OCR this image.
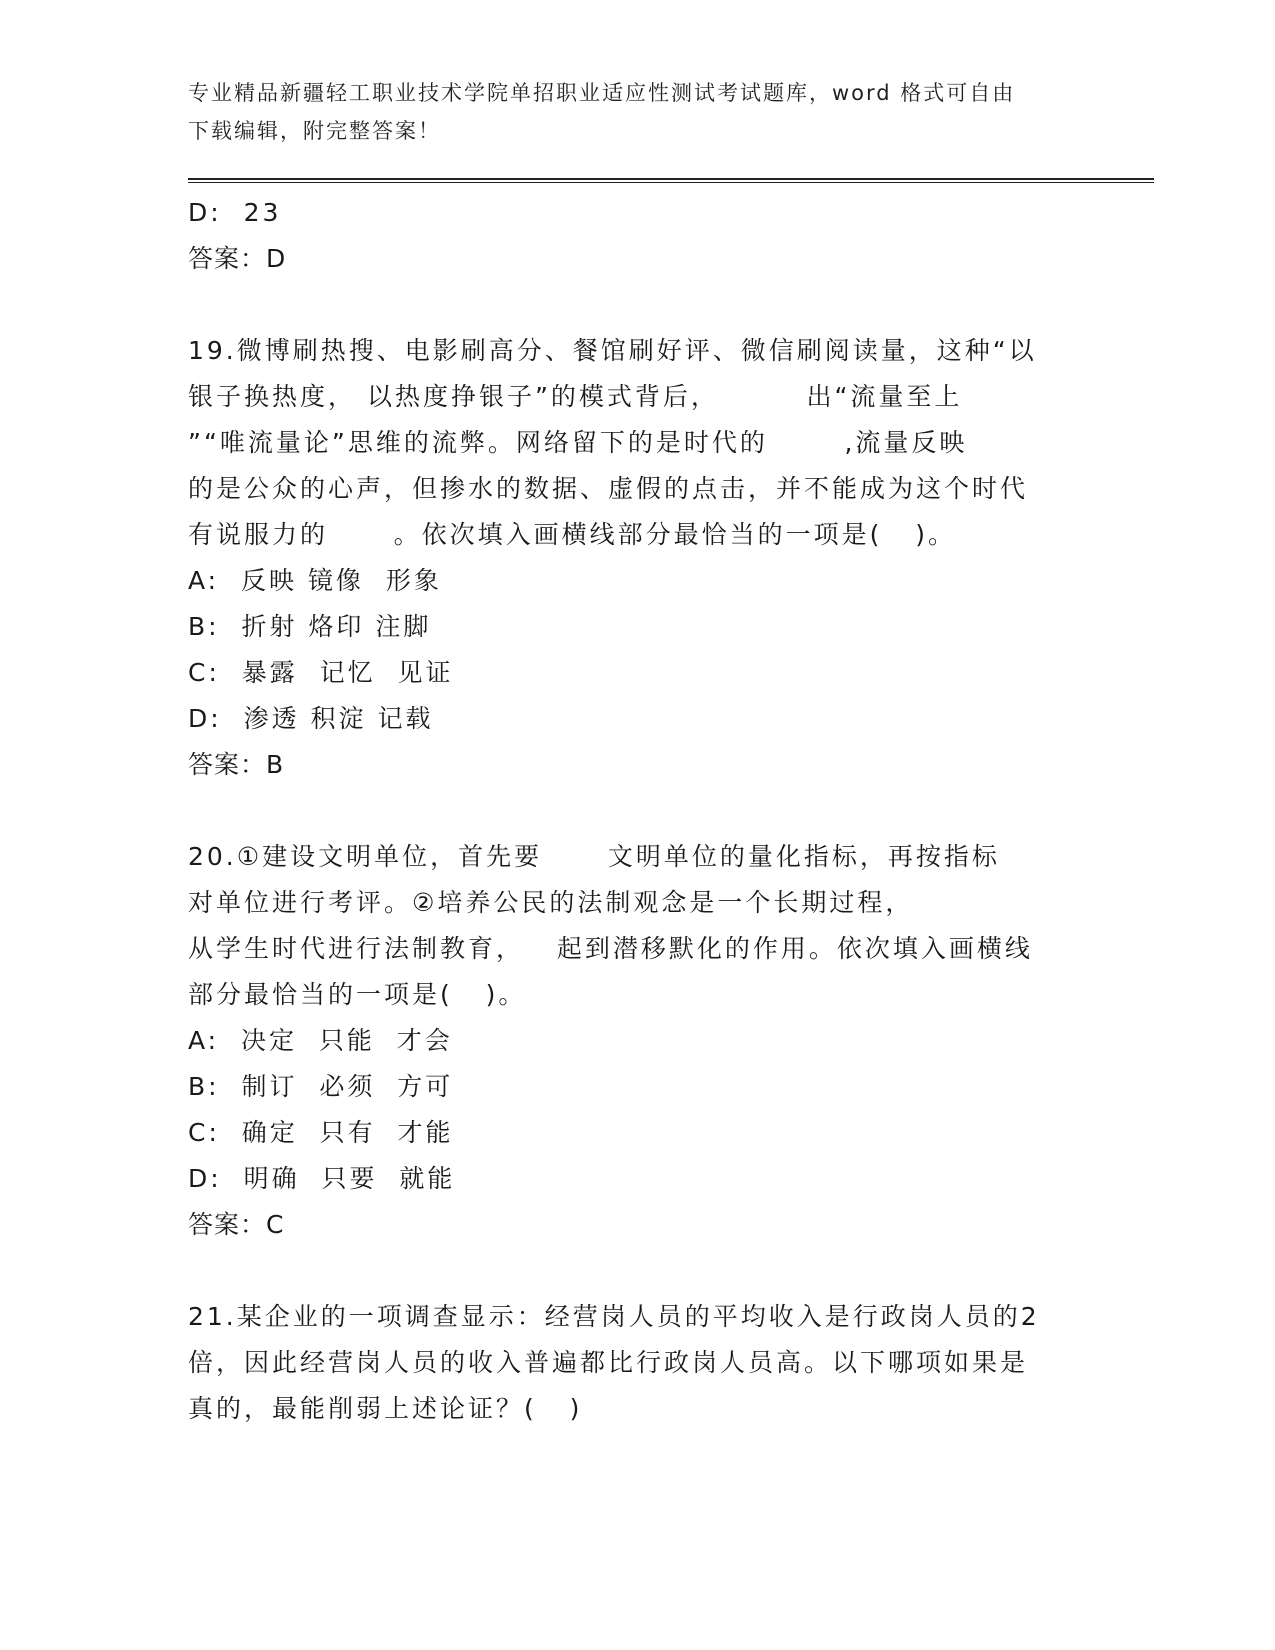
专业精品新疆轻工职业技术学院单招职业适应性测试考试题库，word 格式可自由
下载编辑，附完整答案！
D:  23
答案：D
19.微博刷热搜、电影刷高分、餐馆刷好评、微信刷阅读量，这种“以
银子换热度， 以热度挣银子”的模式背后，        出“流量至上
”“唯流量论”思维的流弊。网络留下的是时代的       ,流量反映
的是公众的心声，但掺水的数据、虚假的点击，并不能成为这个时代
有说服力的      。依次填入画横线部分最恰当的一项是(   )。
A:  反映 镜像  形象
B:  折射 烙印 注脚
C:  暴露  记忆  见证
D:  渗透 积淀 记载
答案：B
20.①建设文明单位，首先要      文明单位的量化指标，再按指标
对单位进行考评。②培养公民的法制观念是一个长期过程，
从学生时代进行法制教育，   起到潜移默化的作用。依次填入画横线
部分最恰当的一项是(   )。
A:  决定  只能  才会
B:  制订  必须  方可
C:  确定  只有  才能
D:  明确  只要  就能
答案：C
21.某企业的一项调查显示：经营岗人员的平均收入是行政岗人员的2
倍，因此经营岗人员的收入普遍都比行政岗人员高。以下哪项如果是
真的，最能削弱上述论证？(   )
